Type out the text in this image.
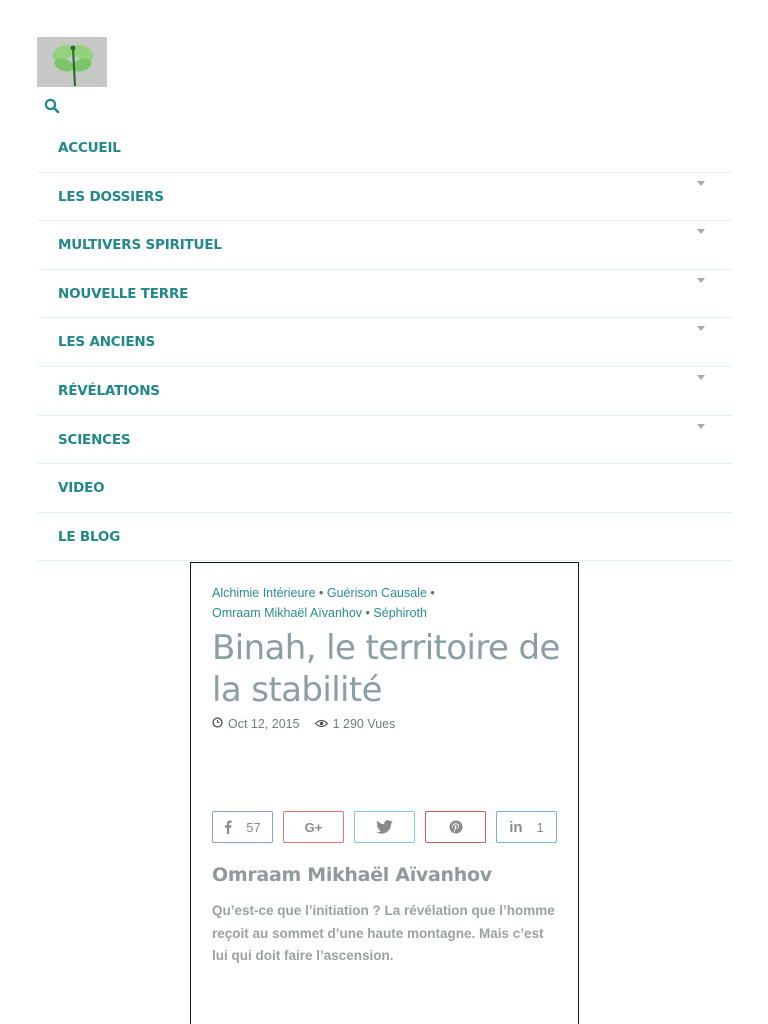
ACCUEIL
LES DOSSIERS
MULTIVERS SPIRITUEL
NOUVELLE TERRE
LES ANCIENS
RÉVÉLATIONS
SCIENCES
VIDEO
LE BLOG
Alchimie Intérieure • Guérison Causale •
Omraam Mikhaël Aïvanhov • Séphiroth
Binah, le territoire de la stabilité
Oct 12, 2015	1 290 Vues
57	G+	in 1
Omraam Mikhaël Aïvanhov

Qu’est-ce que l’initiation ? La révélation que l’homme reçoit au sommet d’une haute montagne. Mais c’est lui qui doit faire l’ascension.
